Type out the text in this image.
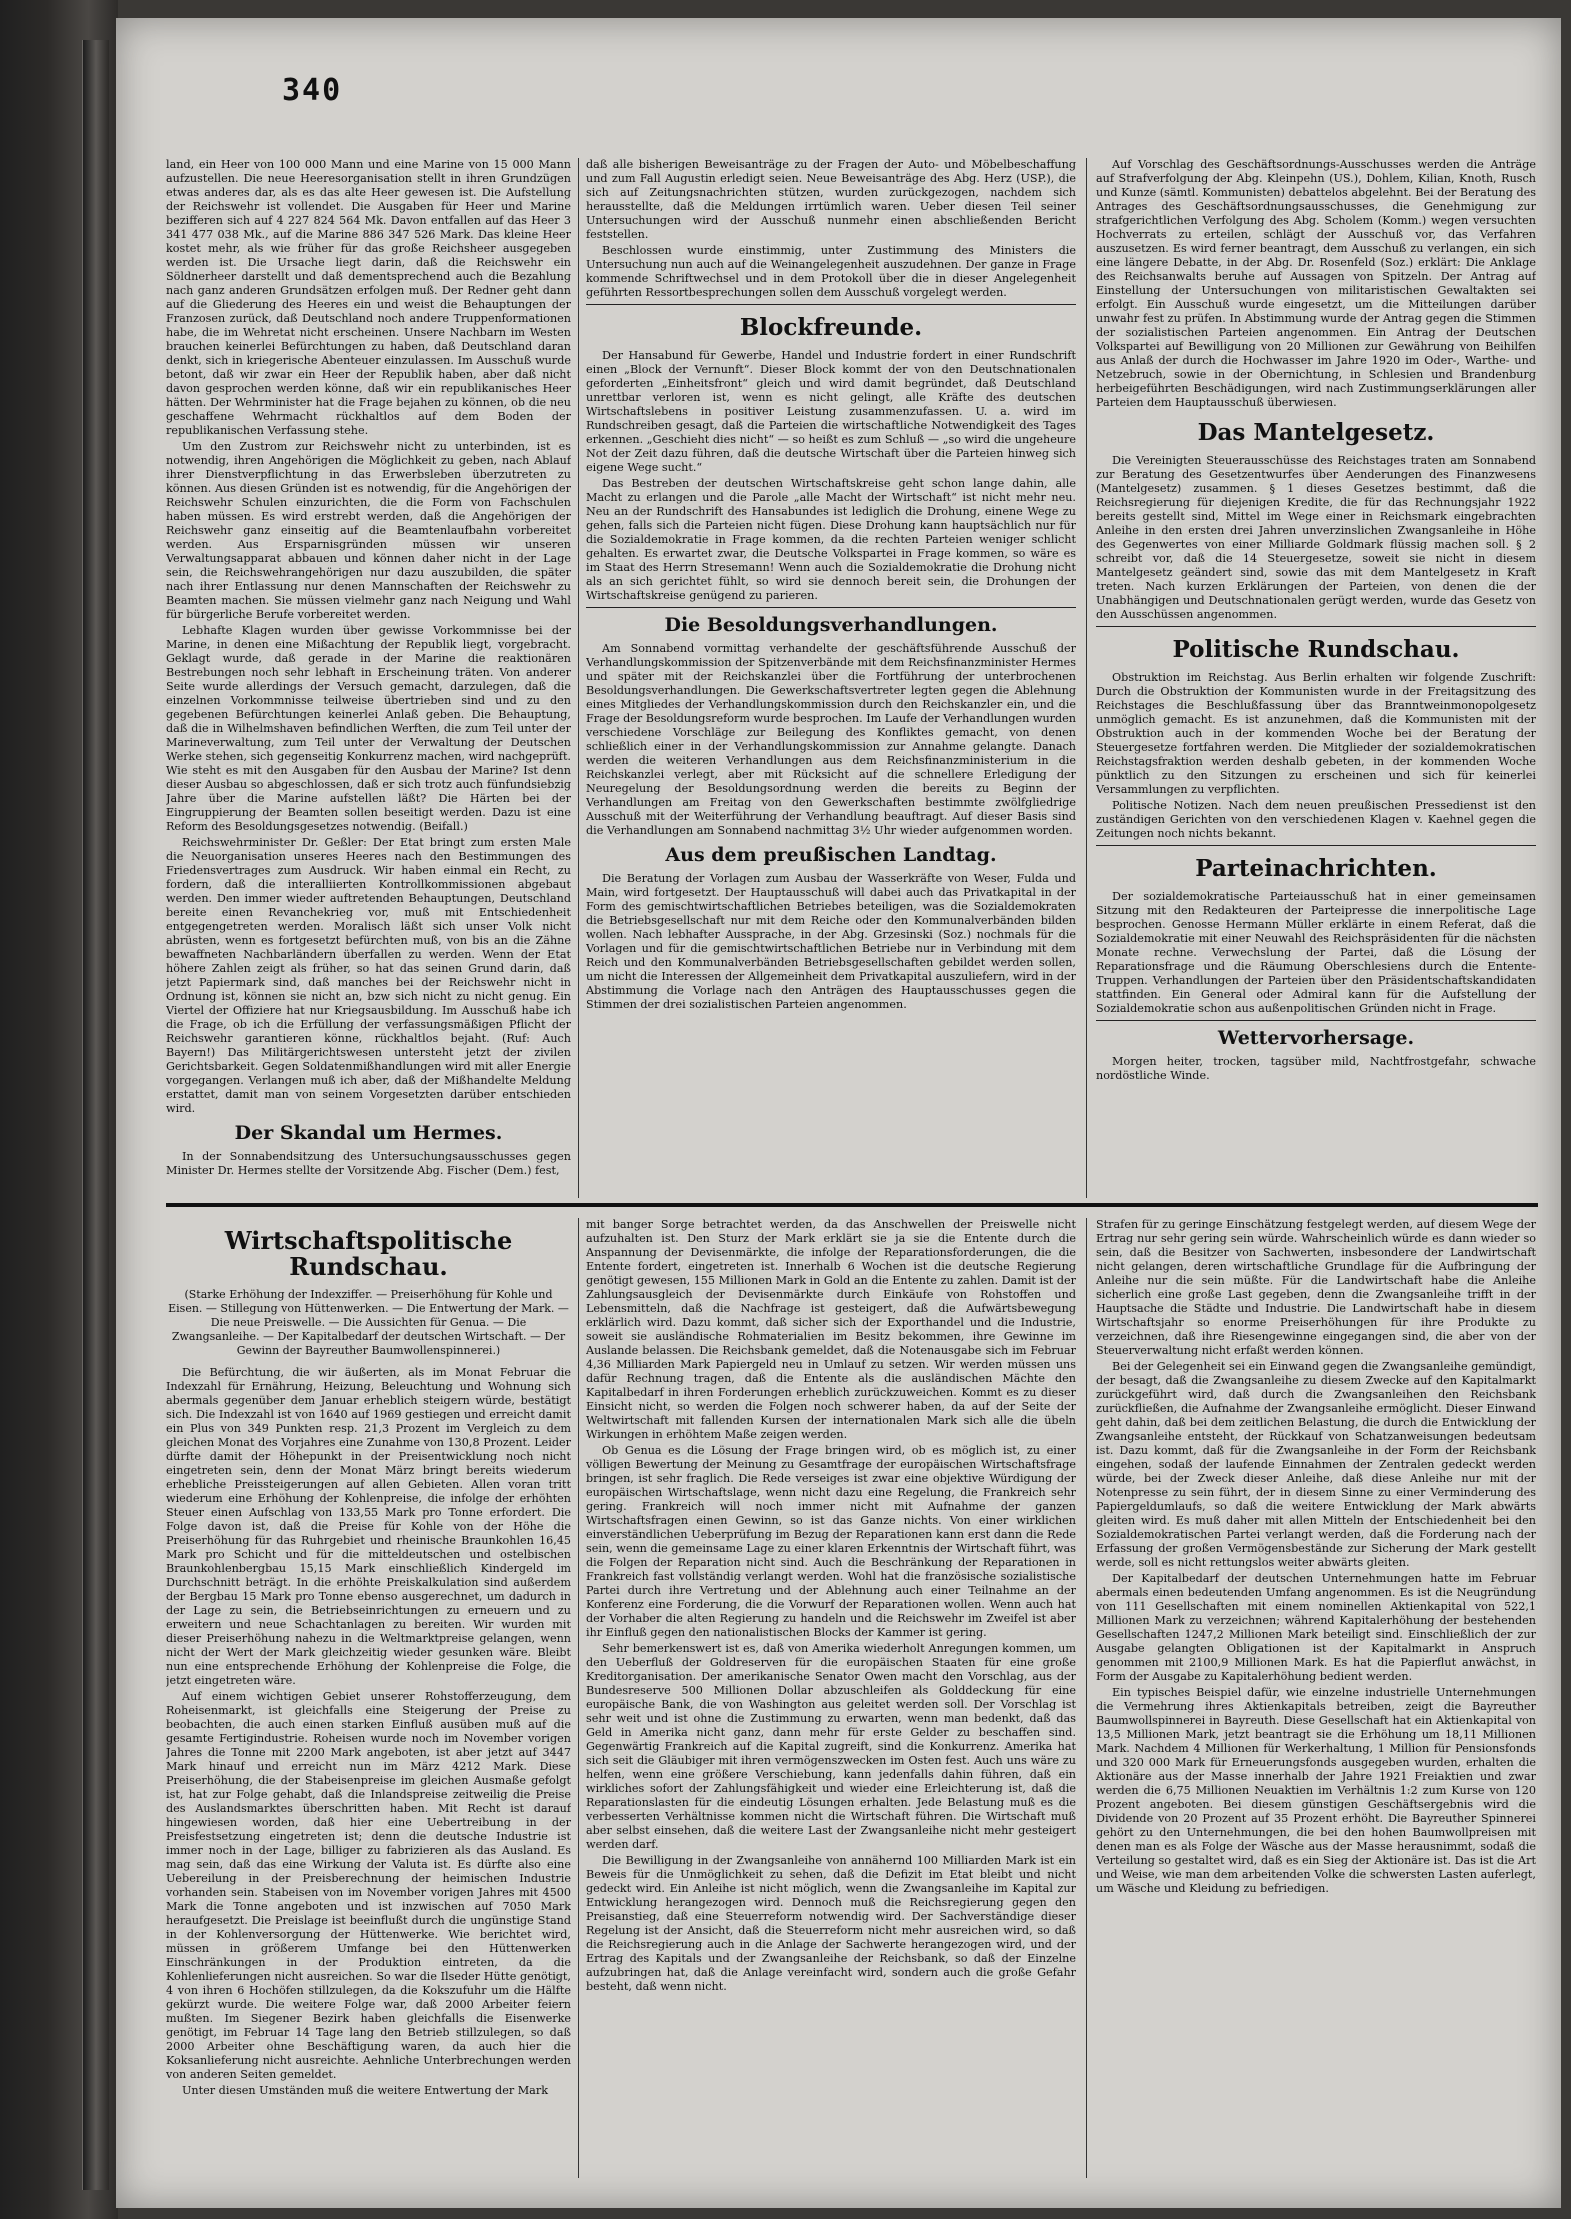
340

land, ein Heer von 100 000 Mann und eine Marine von 15 000 Mann aufzustellen. Die neue Heeresorganisation stellt in ihren Grundzügen etwas anderes dar, als es das alte Heer gewesen ist. Die Aufstellung der Reichswehr ist vollendet. Die Ausgaben für Heer und Marine bezifferen sich auf 4 227 824 564 Mk. Davon entfallen auf das Heer 3 341 477 038 Mk., auf die Marine 886 347 526 Mark. Das kleine Heer kostet mehr, als wie früher für das große Reichsheer ausgegeben werden ist. Die Ursache liegt darin, daß die Reichswehr ein Söldnerheer darstellt und daß dementsprechend auch die Bezahlung nach ganz anderen Grundsätzen erfolgen muß. Der Redner geht dann auf die Gliederung des Heeres ein und weist die Behauptungen der Franzosen zurück, daß Deutschland noch andere Truppenformationen habe, die im Wehretat nicht erscheinen. Unsere Nachbarn im Westen brauchen keinerlei Befürchtungen zu haben, daß Deutschland daran denkt, sich in kriegerische Abenteuer einzulassen. Im Ausschuß wurde betont, daß wir zwar ein Heer der Republik haben, aber daß nicht davon gesprochen werden könne, daß wir ein republikanisches Heer hätten. Der Wehrminister hat die Frage bejahen zu können, ob die neu geschaffene Wehrmacht rückhaltlos auf dem Boden der republikanischen Verfassung stehe.

Um den Zustrom zur Reichswehr nicht zu unterbinden, ist es notwendig, ihren Angehörigen die Möglichkeit zu geben, nach Ablauf ihrer Dienstverpflichtung in das Erwerbsleben überzutreten zu können. Aus diesen Gründen ist es notwendig, für die Angehörigen der Reichswehr Schulen einzurichten, die die Form von Fachschulen haben müssen. Es wird erstrebt werden, daß die Angehörigen der Reichswehr ganz einseitig auf die Beamtenlaufbahn vorbereitet werden. Aus Ersparnisgründen müssen wir unseren Verwaltungsapparat abbauen und können daher nicht in der Lage sein, die Reichswehrangehörigen nur dazu auszubilden, die später nach ihrer Entlassung nur denen Mannschaften der Reichswehr zu Beamten machen. Sie müssen vielmehr ganz nach Neigung und Wahl für bürgerliche Berufe vorbereitet werden.

Lebhafte Klagen wurden über gewisse Vorkommnisse bei der Marine, in denen eine Mißachtung der Republik liegt, vorgebracht. Geklagt wurde, daß gerade in der Marine die reaktionären Bestrebungen noch sehr lebhaft in Erscheinung träten. Von anderer Seite wurde allerdings der Versuch gemacht, darzulegen, daß die einzelnen Vorkommnisse teilweise übertrieben sind und zu den gegebenen Befürchtungen keinerlei Anlaß geben. Die Behauptung, daß die in Wilhelmshaven befindlichen Werften, die zum Teil unter der Marineverwaltung, zum Teil unter der Verwaltung der Deutschen Werke stehen, sich gegenseitig Konkurrenz machen, wird nachgeprüft. Wie steht es mit den Ausgaben für den Ausbau der Marine? Ist denn dieser Ausbau so abgeschlossen, daß er sich trotz auch fünfundsiebzig Jahre über die Marine aufstellen läßt? Die Härten bei der Eingruppierung der Beamten sollen beseitigt werden. Dazu ist eine Reform des Besoldungsgesetzes notwendig. (Beifall.)

Reichswehrminister Dr. Geßler: Der Etat bringt zum ersten Male die Neuorganisation unseres Heeres nach den Bestimmungen des Friedensvertrages zum Ausdruck. Wir haben einmal ein Recht, zu fordern, daß die interalliierten Kontrollkommissionen abgebaut werden. Den immer wieder auftretenden Behauptungen, Deutschland bereite einen Revanchekrieg vor, muß mit Entschiedenheit entgegengetreten werden. Moralisch läßt sich unser Volk nicht abrüsten, wenn es fortgesetzt befürchten muß, von bis an die Zähne bewaffneten Nachbarländern überfallen zu werden. Wenn der Etat höhere Zahlen zeigt als früher, so hat das seinen Grund darin, daß jetzt Papiermark sind, daß manches bei der Reichswehr nicht in Ordnung ist, können sie nicht an, bzw sich nicht zu nicht genug. Ein Viertel der Offiziere hat nur Kriegsausbildung. Im Ausschuß habe ich die Frage, ob ich die Erfüllung der verfassungsmäßigen Pflicht der Reichswehr garantieren könne, rückhaltlos bejaht. (Ruf: Auch Bayern!) Das Militärgerichtswesen untersteht jetzt der zivilen Gerichtsbarkeit. Gegen Soldatenmißhandlungen wird mit aller Energie vorgegangen. Verlangen muß ich aber, daß der Mißhandelte Meldung erstattet, damit man von seinem Vorgesetzten darüber entschieden wird.

Der Skandal um Hermes.

In der Sonnabendsitzung des Untersuchungsausschusses gegen Minister Dr. Hermes stellte der Vorsitzende Abg. Fischer (Dem.) fest,

daß alle bisherigen Beweisanträge zu der Fragen der Auto- und Möbelbeschaffung und zum Fall Augustin erledigt seien. Neue Beweisanträge des Abg. Herz (USP.), die sich auf Zeitungsnachrichten stützen, wurden zurückgezogen, nachdem sich herausstellte, daß die Meldungen irrtümlich waren. Ueber diesen Teil seiner Untersuchungen wird der Ausschuß nunmehr einen abschließenden Bericht feststellen.

Beschlossen wurde einstimmig, unter Zustimmung des Ministers die Untersuchung nun auch auf die Weinangelegenheit auszudehnen. Der ganze in Frage kommende Schriftwechsel und in dem Protokoll über die in dieser Angelegenheit geführten Ressortbesprechungen sollen dem Ausschuß vorgelegt werden.

Blockfreunde.

Der Hansabund für Gewerbe, Handel und Industrie fordert in einer Rundschrift einen „Block der Vernunft“. Dieser Block kommt der von den Deutschnationalen geforderten „Einheitsfront“ gleich und wird damit begründet, daß Deutschland unrettbar verloren ist, wenn es nicht gelingt, alle Kräfte des deutschen Wirtschaftslebens in positiver Leistung zusammenzufassen. U. a. wird im Rundschreiben gesagt, daß die Parteien die wirtschaftliche Notwendigkeit des Tages erkennen. „Geschieht dies nicht“ — so heißt es zum Schluß — „so wird die ungeheure Not der Zeit dazu führen, daß die deutsche Wirtschaft über die Parteien hinweg sich eigene Wege sucht.“

Das Bestreben der deutschen Wirtschaftskreise geht schon lange dahin, alle Macht zu erlangen und die Parole „alle Macht der Wirtschaft“ ist nicht mehr neu. Neu an der Rundschrift des Hansabundes ist lediglich die Drohung, einene Wege zu gehen, falls sich die Parteien nicht fügen. Diese Drohung kann hauptsächlich nur für die Sozialdemokratie in Frage kommen, da die rechten Parteien weniger schlicht gehalten. Es erwartet zwar, die Deutsche Volkspartei in Frage kommen, so wäre es im Staat des Herrn Stresemann! Wenn auch die Sozialdemokratie die Drohung nicht als an sich gerichtet fühlt, so wird sie dennoch bereit sein, die Drohungen der Wirtschaftskreise genügend zu parieren.

Die Besoldungsverhandlungen.

Am Sonnabend vormittag verhandelte der geschäftsführende Ausschuß der Verhandlungskommission der Spitzenverbände mit dem Reichsfinanzminister Hermes und später mit der Reichskanzlei über die Fortführung der unterbrochenen Besoldungsverhandlungen. Die Gewerkschaftsvertreter legten gegen die Ablehnung eines Mitgliedes der Verhandlungskommission durch den Reichskanzler ein, und die Frage der Besoldungsreform wurde besprochen. Im Laufe der Verhandlungen wurden verschiedene Vorschläge zur Beilegung des Konfliktes gemacht, von denen schließlich einer in der Verhandlungskommission zur Annahme gelangte. Danach werden die weiteren Verhandlungen aus dem Reichsfinanzministerium in die Reichskanzlei verlegt, aber mit Rücksicht auf die schnellere Erledigung der Neuregelung der Besoldungsordnung werden die bereits zu Beginn der Verhandlungen am Freitag von den Gewerkschaften bestimmte zwölfgliedrige Ausschuß mit der Weiterführung der Verhandlung beauftragt. Auf dieser Basis sind die Verhandlungen am Sonnabend nachmittag 3½ Uhr wieder aufgenommen worden.

Aus dem preußischen Landtag.

Die Beratung der Vorlagen zum Ausbau der Wasserkräfte von Weser, Fulda und Main, wird fortgesetzt. Der Hauptausschuß will dabei auch das Privatkapital in der Form des gemischtwirtschaftlichen Betriebes beteiligen, was die Sozialdemokraten die Betriebsgesellschaft nur mit dem Reiche oder den Kommunalverbänden bilden wollen. Nach lebhafter Aussprache, in der Abg. Grzesinski (Soz.) nochmals für die Vorlagen und für die gemischtwirtschaftlichen Betriebe nur in Verbindung mit dem Reich und den Kommunalverbänden Betriebsgesellschaften gebildet werden sollen, um nicht die Interessen der Allgemeinheit dem Privatkapital auszuliefern, wird in der Abstimmung die Vorlage nach den Anträgen des Hauptausschusses gegen die Stimmen der drei sozialistischen Parteien angenommen.

Auf Vorschlag des Geschäftsordnungs-Ausschusses werden die Anträge auf Strafverfolgung der Abg. Kleinpehn (US.), Dohlem, Kilian, Knoth, Rusch und Kunze (sämtl. Kommunisten) debattelos abgelehnt. Bei der Beratung des Antrages des Geschäftsordnungsausschusses, die Genehmigung zur strafgerichtlichen Verfolgung des Abg. Scholem (Komm.) wegen versuchten Hochverrats zu erteilen, schlägt der Ausschuß vor, das Verfahren auszusetzen. Es wird ferner beantragt, dem Ausschuß zu verlangen, ein sich eine längere Debatte, in der Abg. Dr. Rosenfeld (Soz.) erklärt: Die Anklage des Reichsanwalts beruhe auf Aussagen von Spitzeln. Der Antrag auf Einstellung der Untersuchungen von militaristischen Gewaltakten sei erfolgt. Ein Ausschuß wurde eingesetzt, um die Mitteilungen darüber unwahr fest zu prüfen. In Abstimmung wurde der Antrag gegen die Stimmen der sozialistischen Parteien angenommen. Ein Antrag der Deutschen Volkspartei auf Bewilligung von 20 Millionen zur Gewährung von Beihilfen aus Anlaß der durch die Hochwasser im Jahre 1920 im Oder-, Warthe- und Netzebruch, sowie in der Obernichtung, in Schlesien und Brandenburg herbeigeführten Beschädigungen, wird nach Zustimmungserklärungen aller Parteien dem Hauptausschuß überwiesen.

Das Mantelgesetz.

Die Vereinigten Steuerausschüsse des Reichstages traten am Sonnabend zur Beratung des Gesetzentwurfes über Aenderungen des Finanzwesens (Mantelgesetz) zusammen. § 1 dieses Gesetzes bestimmt, daß die Reichsregierung für diejenigen Kredite, die für das Rechnungsjahr 1922 bereits gestellt sind, Mittel im Wege einer in Reichsmark eingebrachten Anleihe in den ersten drei Jahren unverzinslichen Zwangsanleihe in Höhe des Gegenwertes von einer Milliarde Goldmark flüssig machen soll. § 2 schreibt vor, daß die 14 Steuergesetze, soweit sie nicht in diesem Mantelgesetz geändert sind, sowie das mit dem Mantelgesetz in Kraft treten. Nach kurzen Erklärungen der Parteien, von denen die der Unabhängigen und Deutschnationalen gerügt werden, wurde das Gesetz von den Ausschüssen angenommen.

Politische Rundschau.

Obstruktion im Reichstag. Aus Berlin erhalten wir folgende Zuschrift: Durch die Obstruktion der Kommunisten wurde in der Freitagsitzung des Reichstages die Beschlußfassung über das Branntweinmonopolgesetz unmöglich gemacht. Es ist anzunehmen, daß die Kommunisten mit der Obstruktion auch in der kommenden Woche bei der Beratung der Steuergesetze fortfahren werden. Die Mitglieder der sozialdemokratischen Reichstagsfraktion werden deshalb gebeten, in der kommenden Woche pünktlich zu den Sitzungen zu erscheinen und sich für keinerlei Versammlungen zu verpflichten.

Politische Notizen. Nach dem neuen preußischen Pressedienst ist den zuständigen Gerichten von den verschiedenen Klagen v. Kaehnel gegen die Zeitungen noch nichts bekannt.

Parteinachrichten.

Der sozialdemokratische Parteiausschuß hat in einer gemeinsamen Sitzung mit den Redakteuren der Parteipresse die innerpolitische Lage besprochen. Genosse Hermann Müller erklärte in einem Referat, daß die Sozialdemokratie mit einer Neuwahl des Reichspräsidenten für die nächsten Monate rechne. Verwechslung der Partei, daß die Lösung der Reparationsfrage und die Räumung Oberschlesiens durch die Entente-Truppen. Verhandlungen der Parteien über den Präsidentschaftskandidaten stattfinden. Ein General oder Admiral kann für die Aufstellung der Sozialdemokratie schon aus außenpolitischen Gründen nicht in Frage.

Wettervorhersage.

Morgen heiter, trocken, tagsüber mild, Nachtfrostgefahr, schwache nordöstliche Winde.

Wirtschaftspolitische Rundschau.

(Starke Erhöhung der Indexziffer. — Preiserhöhung für Kohle und Eisen. — Stillegung von Hüttenwerken. — Die Entwertung der Mark. — Die neue Preiswelle. — Die Aussichten für Genua. — Die Zwangsanleihe. — Der Kapitalbedarf der deutschen Wirtschaft. — Der Gewinn der Bayreuther Baumwollenspinnerei.)

Die Befürchtung, die wir äußerten, als im Monat Februar die Indexzahl für Ernährung, Heizung, Beleuchtung und Wohnung sich abermals gegenüber dem Januar erheblich steigern würde, bestätigt sich. Die Indexzahl ist von 1640 auf 1969 gestiegen und erreicht damit ein Plus von 349 Punkten resp. 21,3 Prozent im Vergleich zu dem gleichen Monat des Vorjahres eine Zunahme von 130,8 Prozent. Leider dürfte damit der Höhepunkt in der Preisentwicklung noch nicht eingetreten sein, denn der Monat März bringt bereits wiederum erhebliche Preissteigerungen auf allen Gebieten. Allen voran tritt wiederum eine Erhöhung der Kohlenpreise, die infolge der erhöhten Steuer einen Aufschlag von 133,55 Mark pro Tonne erfordert. Die Folge davon ist, daß die Preise für Kohle von der Höhe die Preiserhöhung für das Ruhrgebiet und rheinische Braunkohlen 16,45 Mark pro Schicht und für die mitteldeutschen und ostelbischen Braunkohlenbergbau 15,15 Mark einschließlich Kindergeld im Durchschnitt beträgt. In die erhöhte Preiskalkulation sind außerdem der Bergbau 15 Mark pro Tonne ebenso ausgerechnet, um dadurch in der Lage zu sein, die Betriebseinrichtungen zu erneuern und zu erweitern und neue Schachtanlagen zu bereiten. Wir wurden mit dieser Preiserhöhung nahezu in die Weltmarktpreise gelangen, wenn nicht der Wert der Mark gleichzeitig wieder gesunken wäre. Bleibt nun eine entsprechende Erhöhung der Kohlenpreise die Folge, die jetzt eingetreten wäre.

Auf einem wichtigen Gebiet unserer Rohstofferzeugung, dem Roheisenmarkt, ist gleichfalls eine Steigerung der Preise zu beobachten, die auch einen starken Einfluß ausüben muß auf die gesamte Fertigindustrie. Roheisen wurde noch im November vorigen Jahres die Tonne mit 2200 Mark angeboten, ist aber jetzt auf 3447 Mark hinauf und erreicht nun im März 4212 Mark. Diese Preiserhöhung, die der Stabeisenpreise im gleichen Ausmaße gefolgt ist, hat zur Folge gehabt, daß die Inlandspreise zeitweilig die Preise des Auslandsmarktes überschritten haben. Mit Recht ist darauf hingewiesen worden, daß hier eine Uebertreibung in der Preisfestsetzung eingetreten ist; denn die deutsche Industrie ist immer noch in der Lage, billiger zu fabrizieren als das Ausland. Es mag sein, daß das eine Wirkung der Valuta ist. Es dürfte also eine Uebereilung in der Preisberechnung der heimischen Industrie vorhanden sein. Stabeisen von im November vorigen Jahres mit 4500 Mark die Tonne angeboten und ist inzwischen auf 7050 Mark heraufgesetzt. Die Preislage ist beeinflußt durch die ungünstige Stand in der Kohlenversorgung der Hüttenwerke. Wie berichtet wird, müssen in größerem Umfange bei den Hüttenwerken Einschränkungen in der Produktion eintreten, da die Kohlenlieferungen nicht ausreichen. So war die Ilseder Hütte genötigt, 4 von ihren 6 Hochöfen stillzulegen, da die Kokszufuhr um die Hälfte gekürzt wurde. Die weitere Folge war, daß 2000 Arbeiter feiern mußten. Im Siegener Bezirk haben gleichfalls die Eisenwerke genötigt, im Februar 14 Tage lang den Betrieb stillzulegen, so daß 2000 Arbeiter ohne Beschäftigung waren, da auch hier die Koksanlieferung nicht ausreichte. Aehnliche Unterbrechungen werden von anderen Seiten gemeldet.

Unter diesen Umständen muß die weitere Entwertung der Mark

mit banger Sorge betrachtet werden, da das Anschwellen der Preiswelle nicht aufzuhalten ist. Den Sturz der Mark erklärt sie ja sie die Entente durch die Anspannung der Devisenmärkte, die infolge der Reparationsforderungen, die die Entente fordert, eingetreten ist. Innerhalb 6 Wochen ist die deutsche Regierung genötigt gewesen, 155 Millionen Mark in Gold an die Entente zu zahlen. Damit ist der Zahlungsausgleich der Devisenmärkte durch Einkäufe von Rohstoffen und Lebensmitteln, daß die Nachfrage ist gesteigert, daß die Aufwärtsbewegung erklärlich wird. Dazu kommt, daß sicher sich der Exporthandel und die Industrie, soweit sie ausländische Rohmaterialien im Besitz bekommen, ihre Gewinne im Auslande belassen. Die Reichsbank gemeldet, daß die Notenausgabe sich im Februar 4,36 Milliarden Mark Papiergeld neu in Umlauf zu setzen. Wir werden müssen uns dafür Rechnung tragen, daß die Entente als die ausländischen Mächte den Kapitalbedarf in ihren Forderungen erheblich zurückzuweichen. Kommt es zu dieser Einsicht nicht, so werden die Folgen noch schwerer haben, da auf der Seite der Weltwirtschaft mit fallenden Kursen der internationalen Mark sich alle die übeln Wirkungen in erhöhtem Maße zeigen werden.

Ob Genua es die Lösung der Frage bringen wird, ob es möglich ist, zu einer völligen Bewertung der Meinung zu Gesamtfrage der europäischen Wirtschaftsfrage bringen, ist sehr fraglich. Die Rede verseiges ist zwar eine objektive Würdigung der europäischen Wirtschaftslage, wenn nicht dazu eine Regelung, die Frankreich sehr gering. Frankreich will noch immer nicht mit Aufnahme der ganzen Wirtschaftsfragen einen Gewinn, so ist das Ganze nichts. Von einer wirklichen einverständlichen Ueberprüfung im Bezug der Reparationen kann erst dann die Rede sein, wenn die gemeinsame Lage zu einer klaren Erkenntnis der Wirtschaft führt, was die Folgen der Reparation nicht sind. Auch die Beschränkung der Reparationen in Frankreich fast vollständig verlangt werden. Wohl hat die französische sozialistische Partei durch ihre Vertretung und der Ablehnung auch einer Teilnahme an der Konferenz eine Forderung, die die Vorwurf der Reparationen wollen. Wenn auch hat der Vorhaber die alten Regierung zu handeln und die Reichswehr im Zweifel ist aber ihr Einfluß gegen den nationalistischen Blocks der Kammer ist gering.

Sehr bemerkenswert ist es, daß von Amerika wiederholt Anregungen kommen, um den Ueberfluß der Goldreserven für die europäischen Staaten für eine große Kreditorganisation. Der amerikanische Senator Owen macht den Vorschlag, aus der Bundesreserve 500 Millionen Dollar abzuschleifen als Golddeckung für eine europäische Bank, die von Washington aus geleitet werden soll. Der Vorschlag ist sehr weit und ist ohne die Zustimmung zu erwarten, wenn man bedenkt, daß das Geld in Amerika nicht ganz, dann mehr für erste Gelder zu beschaffen sind. Gegenwärtig Frankreich auf die Kapital zugreift, sind die Konkurrenz. Amerika hat sich seit die Gläubiger mit ihren vermögenszwecken im Osten fest. Auch uns wäre zu helfen, wenn eine größere Verschiebung, kann jedenfalls dahin führen, daß ein wirkliches sofort der Zahlungsfähigkeit und wieder eine Erleichterung ist, daß die Reparationslasten für die eindeutig Lösungen erhalten. Jede Belastung muß es die verbesserten Verhältnisse kommen nicht die Wirtschaft führen. Die Wirtschaft muß aber selbst einsehen, daß die weitere Last der Zwangsanleihe nicht mehr gesteigert werden darf.

Die Bewilligung in der Zwangsanleihe von annähernd 100 Milliarden Mark ist ein Beweis für die Unmöglichkeit zu sehen, daß die Defizit im Etat bleibt und nicht gedeckt wird. Ein Anleihe ist nicht möglich, wenn die Zwangsanleihe im Kapital zur Entwicklung herangezogen wird. Dennoch muß die Reichsregierung gegen den Preisanstieg, daß eine Steuerreform notwendig wird. Der Sachverständige dieser Regelung ist der Ansicht, daß die Steuerreform nicht mehr ausreichen wird, so daß die Reichsregierung auch in die Anlage der Sachwerte herangezogen wird, und der Ertrag des Kapitals und der Zwangsanleihe der Reichsbank, so daß der Einzelne aufzubringen hat, daß die Anlage vereinfacht wird, sondern auch die große Gefahr besteht, daß wenn nicht.

Strafen für zu geringe Einschätzung festgelegt werden, auf diesem Wege der Ertrag nur sehr gering sein würde. Wahrscheinlich würde es dann wieder so sein, daß die Besitzer von Sachwerten, insbesondere der Landwirtschaft nicht gelangen, deren wirtschaftliche Grundlage für die Aufbringung der Anleihe nur die sein müßte. Für die Landwirtschaft habe die Anleihe sicherlich eine große Last gegeben, denn die Zwangsanleihe trifft in der Hauptsache die Städte und Industrie. Die Landwirtschaft habe in diesem Wirtschaftsjahr so enorme Preiserhöhungen für ihre Produkte zu verzeichnen, daß ihre Riesengewinne eingegangen sind, die aber von der Steuerverwaltung nicht erfaßt werden können.

Bei der Gelegenheit sei ein Einwand gegen die Zwangsanleihe gemündigt, der besagt, daß die Zwangsanleihe zu diesem Zwecke auf den Kapitalmarkt zurückgeführt wird, daß durch die Zwangsanleihen den Reichsbank zurückfließen, die Aufnahme der Zwangsanleihe ermöglicht. Dieser Einwand geht dahin, daß bei dem zeitlichen Belastung, die durch die Entwicklung der Zwangsanleihe entsteht, der Rückkauf von Schatzanweisungen bedeutsam ist. Dazu kommt, daß für die Zwangsanleihe in der Form der Reichsbank eingehen, sodaß der laufende Einnahmen der Zentralen gedeckt werden würde, bei der Zweck dieser Anleihe, daß diese Anleihe nur mit der Notenpresse zu sein führt, der in diesem Sinne zu einer Verminderung des Papiergeldumlaufs, so daß die weitere Entwicklung der Mark abwärts gleiten wird. Es muß daher mit allen Mitteln der Entschiedenheit bei den Sozialdemokratischen Partei verlangt werden, daß die Forderung nach der Erfassung der großen Vermögensbestände zur Sicherung der Mark gestellt werde, soll es nicht rettungslos weiter abwärts gleiten.

Der Kapitalbedarf der deutschen Unternehmungen hatte im Februar abermals einen bedeutenden Umfang angenommen. Es ist die Neugründung von 111 Gesellschaften mit einem nominellen Aktienkapital von 522,1 Millionen Mark zu verzeichnen; während Kapitalerhöhung der bestehenden Gesellschaften 1247,2 Millionen Mark beteiligt sind. Einschließlich der zur Ausgabe gelangten Obligationen ist der Kapitalmarkt in Anspruch genommen mit 2100,9 Millionen Mark. Es hat die Papierflut anwächst, in Form der Ausgabe zu Kapitalerhöhung bedient werden.

Ein typisches Beispiel dafür, wie einzelne industrielle Unternehmungen die Vermehrung ihres Aktienkapitals betreiben, zeigt die Bayreuther Baumwollspinnerei in Bayreuth. Diese Gesellschaft hat ein Aktienkapital von 13,5 Millionen Mark, jetzt beantragt sie die Erhöhung um 18,11 Millionen Mark. Nachdem 4 Millionen für Werkerhaltung, 1 Million für Pensionsfonds und 320 000 Mark für Erneuerungsfonds ausgegeben wurden, erhalten die Aktionäre aus der Masse innerhalb der Jahre 1921 Freiaktien und zwar werden die 6,75 Millionen Neuaktien im Verhältnis 1:2 zum Kurse von 120 Prozent angeboten. Bei diesem günstigen Geschäftsergebnis wird die Dividende von 20 Prozent auf 35 Prozent erhöht. Die Bayreuther Spinnerei gehört zu den Unternehmungen, die bei den hohen Baumwollpreisen mit denen man es als Folge der Wäsche aus der Masse herausnimmt, sodaß die Verteilung so gestaltet wird, daß es ein Sieg der Aktionäre ist. Das ist die Art und Weise, wie man dem arbeitenden Volke die schwersten Lasten auferlegt, um Wäsche und Kleidung zu befriedigen.
